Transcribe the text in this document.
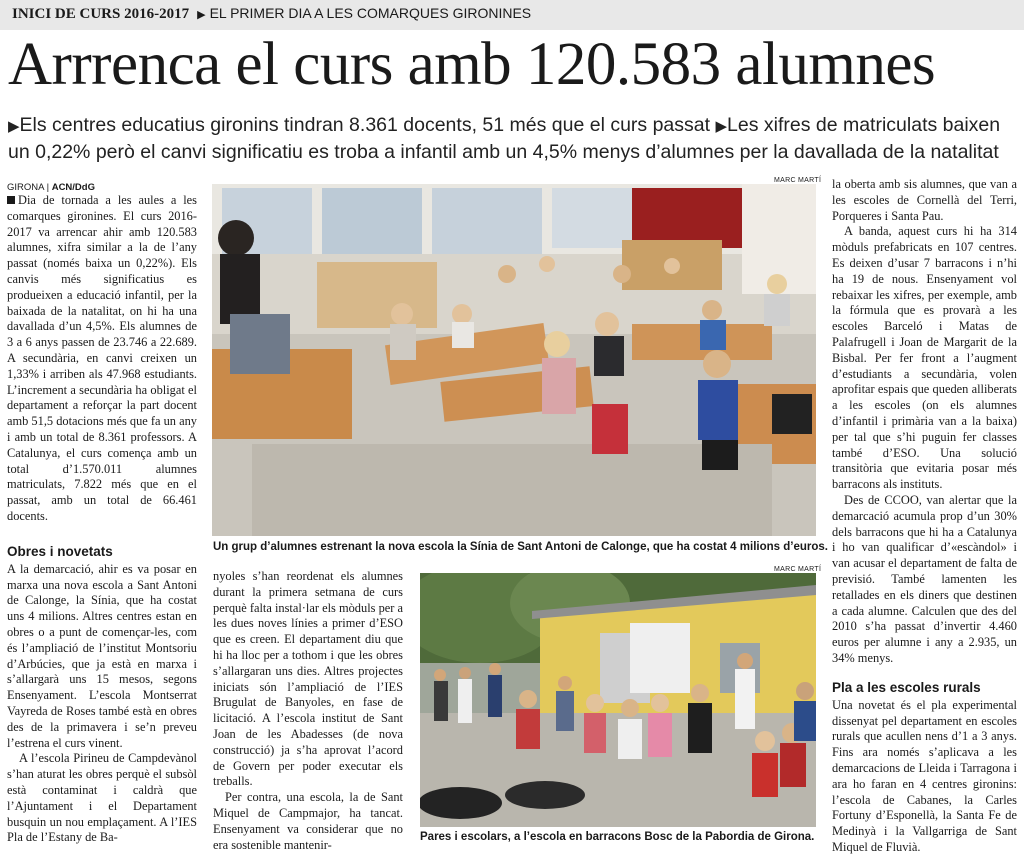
INICI DE CURS 2016-2017 ▶ EL PRIMER DIA A LES COMARQUES GIRONINES
Arrrenca el curs amb 120.583 alumnes
▶Els centres educatius gironins tindran 8.361 docents, 51 més que el curs passat ▶Les xifres de matriculats baixen un 0,22% però el canvi significatiu es troba a infantil amb un 4,5% menys d’alumnes per la davallada de la natalitat
GIRONA | ACN/DdG

Dia de tornada a les aules a les comarques gironines. El curs 2016-2017 va arrencar ahir amb 120.583 alumnes, xifra similar a la de l’any passat (només baixa un 0,22%). Els canvis més significatius es produeixen a educació infantil, per la baixada de la natalitat, on hi ha una davallada d’un 4,5%. Els alumnes de 3 a 6 anys passen de 23.746 a 22.689. A secundària, en canvi creixen un 1,33% i arriben als 47.968 estudiants. L’increment a secundària ha obligat el departament a reforçar la part docent amb 51,5 dotacions més que fa un any i amb un total de 8.361 professors. A Catalunya, el curs comença amb un total d’1.570.011 alumnes matriculats, 7.822 més que en el passat, amb un total de 66.461 docents.

Obres i novetats

A la demarcació, ahir es va posar en marxa una nova escola a Sant Antoni de Calonge, la Sínia, que ha costat uns 4 milions. Altres centres estan en obres o a punt de començar-les, com és l’ampliació de l’institut Montsoriu d’Arbúcies, que ja està en marxa i s’allargarà uns 15 mesos, segons Ensenyament. L’escola Montserrat Vayreda de Roses també està en obres des de la primavera i se’n preveu l’estrena el curs vinent.

A l’escola Pirineu de Campdevànol s’han aturat les obres perquè el subsòl està contaminat i caldrà que l’Ajuntament i el Departament busquin un nou emplaçament. A l’IES Pla de l’Estany de Ba-

MARC MARTÍ
Un grup d’alumnes estrenant la nova escola la Sínia de Sant Antoni de Calonge, que ha costat 4 milions d’euros.

nyoles s’han reordenat els alumnes durant la primera setmana de curs perquè falta instal·lar els mòduls per a les dues noves línies a primer d’ESO que es creen. El departament diu que hi ha lloc per a tothom i que les obres s’allargaran uns dies. Altres projectes iniciats són l’ampliació de l’IES Brugulat de Banyoles, en fase de licitació. A l’escola institut de Sant Joan de les Abadesses (de nova construcció) ja s’ha aprovat l’acord de Govern per poder executar els treballs.

Per contra, una escola, la de Sant Miquel de Campmajor, ha tancat. Ensenyament va considerar que no era sostenible mantenir-

MARC MARTÍ
Pares i escolars, a l’escola en barracons Bosc de la Pabordia de Girona.

la oberta amb sis alumnes, que van a les escoles de Cornellà del Terri, Porqueres i Santa Pau.

A banda, aquest curs hi ha 314 mòduls prefabricats en 107 centres. Es deixen d’usar 7 barracons i n’hi ha 19 de nous. Ensenyament vol rebaixar les xifres, per exemple, amb la fórmula que es provarà a les escoles Barceló i Matas de Palafrugell i Joan de Margarit de la Bisbal. Per fer front a l’augment d’estudiants a secundària, volen aprofitar espais que queden alliberats a les escoles (on els alumnes d’infantil i primària van a la baixa) per tal que s’hi puguin fer classes també d’ESO. Una solució transitòria que evitaria posar més barracons als instituts.

Des de CCOO, van alertar que la demarcació acumula prop d’un 30% dels barracons que hi ha a Catalunya i ho van qualificar d’«escàndol» i van acusar el departament de falta de previsió. També lamenten les retallades en els diners que destinen a cada alumne. Calculen que des del 2010 s’ha passat d’invertir 4.460 euros per alumne i any a 2.935, un 34% menys.

Pla a les escoles rurals

Una novetat és el pla experimental dissenyat pel departament en escoles rurals que acullen nens d’1 a 3 anys. Fins ara només s’aplicava a les demarcacions de Lleida i Tarragona i ara ho faran en 4 centres gironins: l’escola de Cabanes, la Carles Fortuny d’Esponellà, la Santa Fe de Medinyà i la Vallgarriga de Sant Miquel de Fluvià.
